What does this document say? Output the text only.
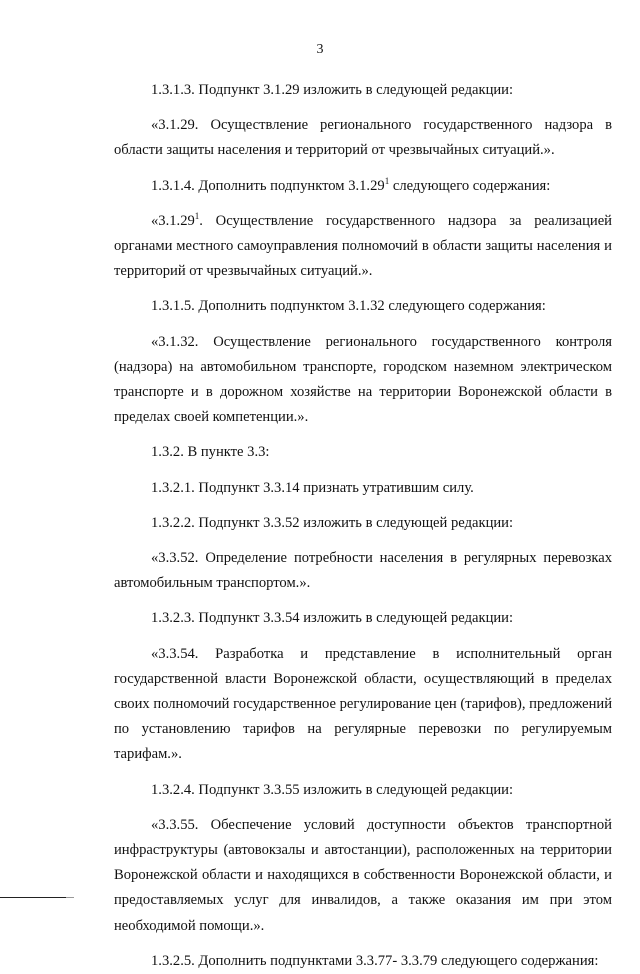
3

1.3.1.3. Подпункт 3.1.29 изложить в следующей редакции:

«3.1.29. Осуществление регионального государственного надзора в области защиты населения и территорий от чрезвычайных ситуаций.».

1.3.1.4. Дополнить подпунктом 3.1.29$^1$ следующего содержания:

«3.1.29$^1$. Осуществление государственного надзора за реализацией органами местного самоуправления полномочий в области защиты населения и территорий от чрезвычайных ситуаций.».

1.3.1.5. Дополнить подпунктом 3.1.32 следующего содержания:

«3.1.32. Осуществление регионального государственного контроля (надзора) на автомобильном транспорте, городском наземном электрическом транспорте и в дорожном хозяйстве на территории Воронежской области в пределах своей компетенции.».

1.3.2. В пункте 3.3:

1.3.2.1. Подпункт 3.3.14 признать утратившим силу.

1.3.2.2. Подпункт 3.3.52 изложить в следующей редакции:

«3.3.52. Определение потребности населения в регулярных перевозках автомобильным транспортом.».

1.3.2.3. Подпункт 3.3.54 изложить в следующей редакции:

«3.3.54. Разработка и представление в исполнительный орган государственной власти Воронежской области, осуществляющий в пределах своих полномочий государственное регулирование цен (тарифов), предложений по установлению тарифов на регулярные перевозки по регулируемым тарифам.».

1.3.2.4. Подпункт 3.3.55 изложить в следующей редакции:

«3.3.55. Обеспечение условий доступности объектов транспортной инфраструктуры (автовокзалы и автостанции), расположенных на территории Воронежской области и находящихся в собственности Воронежской области, и предоставляемых услуг для инвалидов, а также оказания им при этом необходимой помощи.».

1.3.2.5. Дополнить подпунктами 3.3.77- 3.3.79 следующего содержания:
